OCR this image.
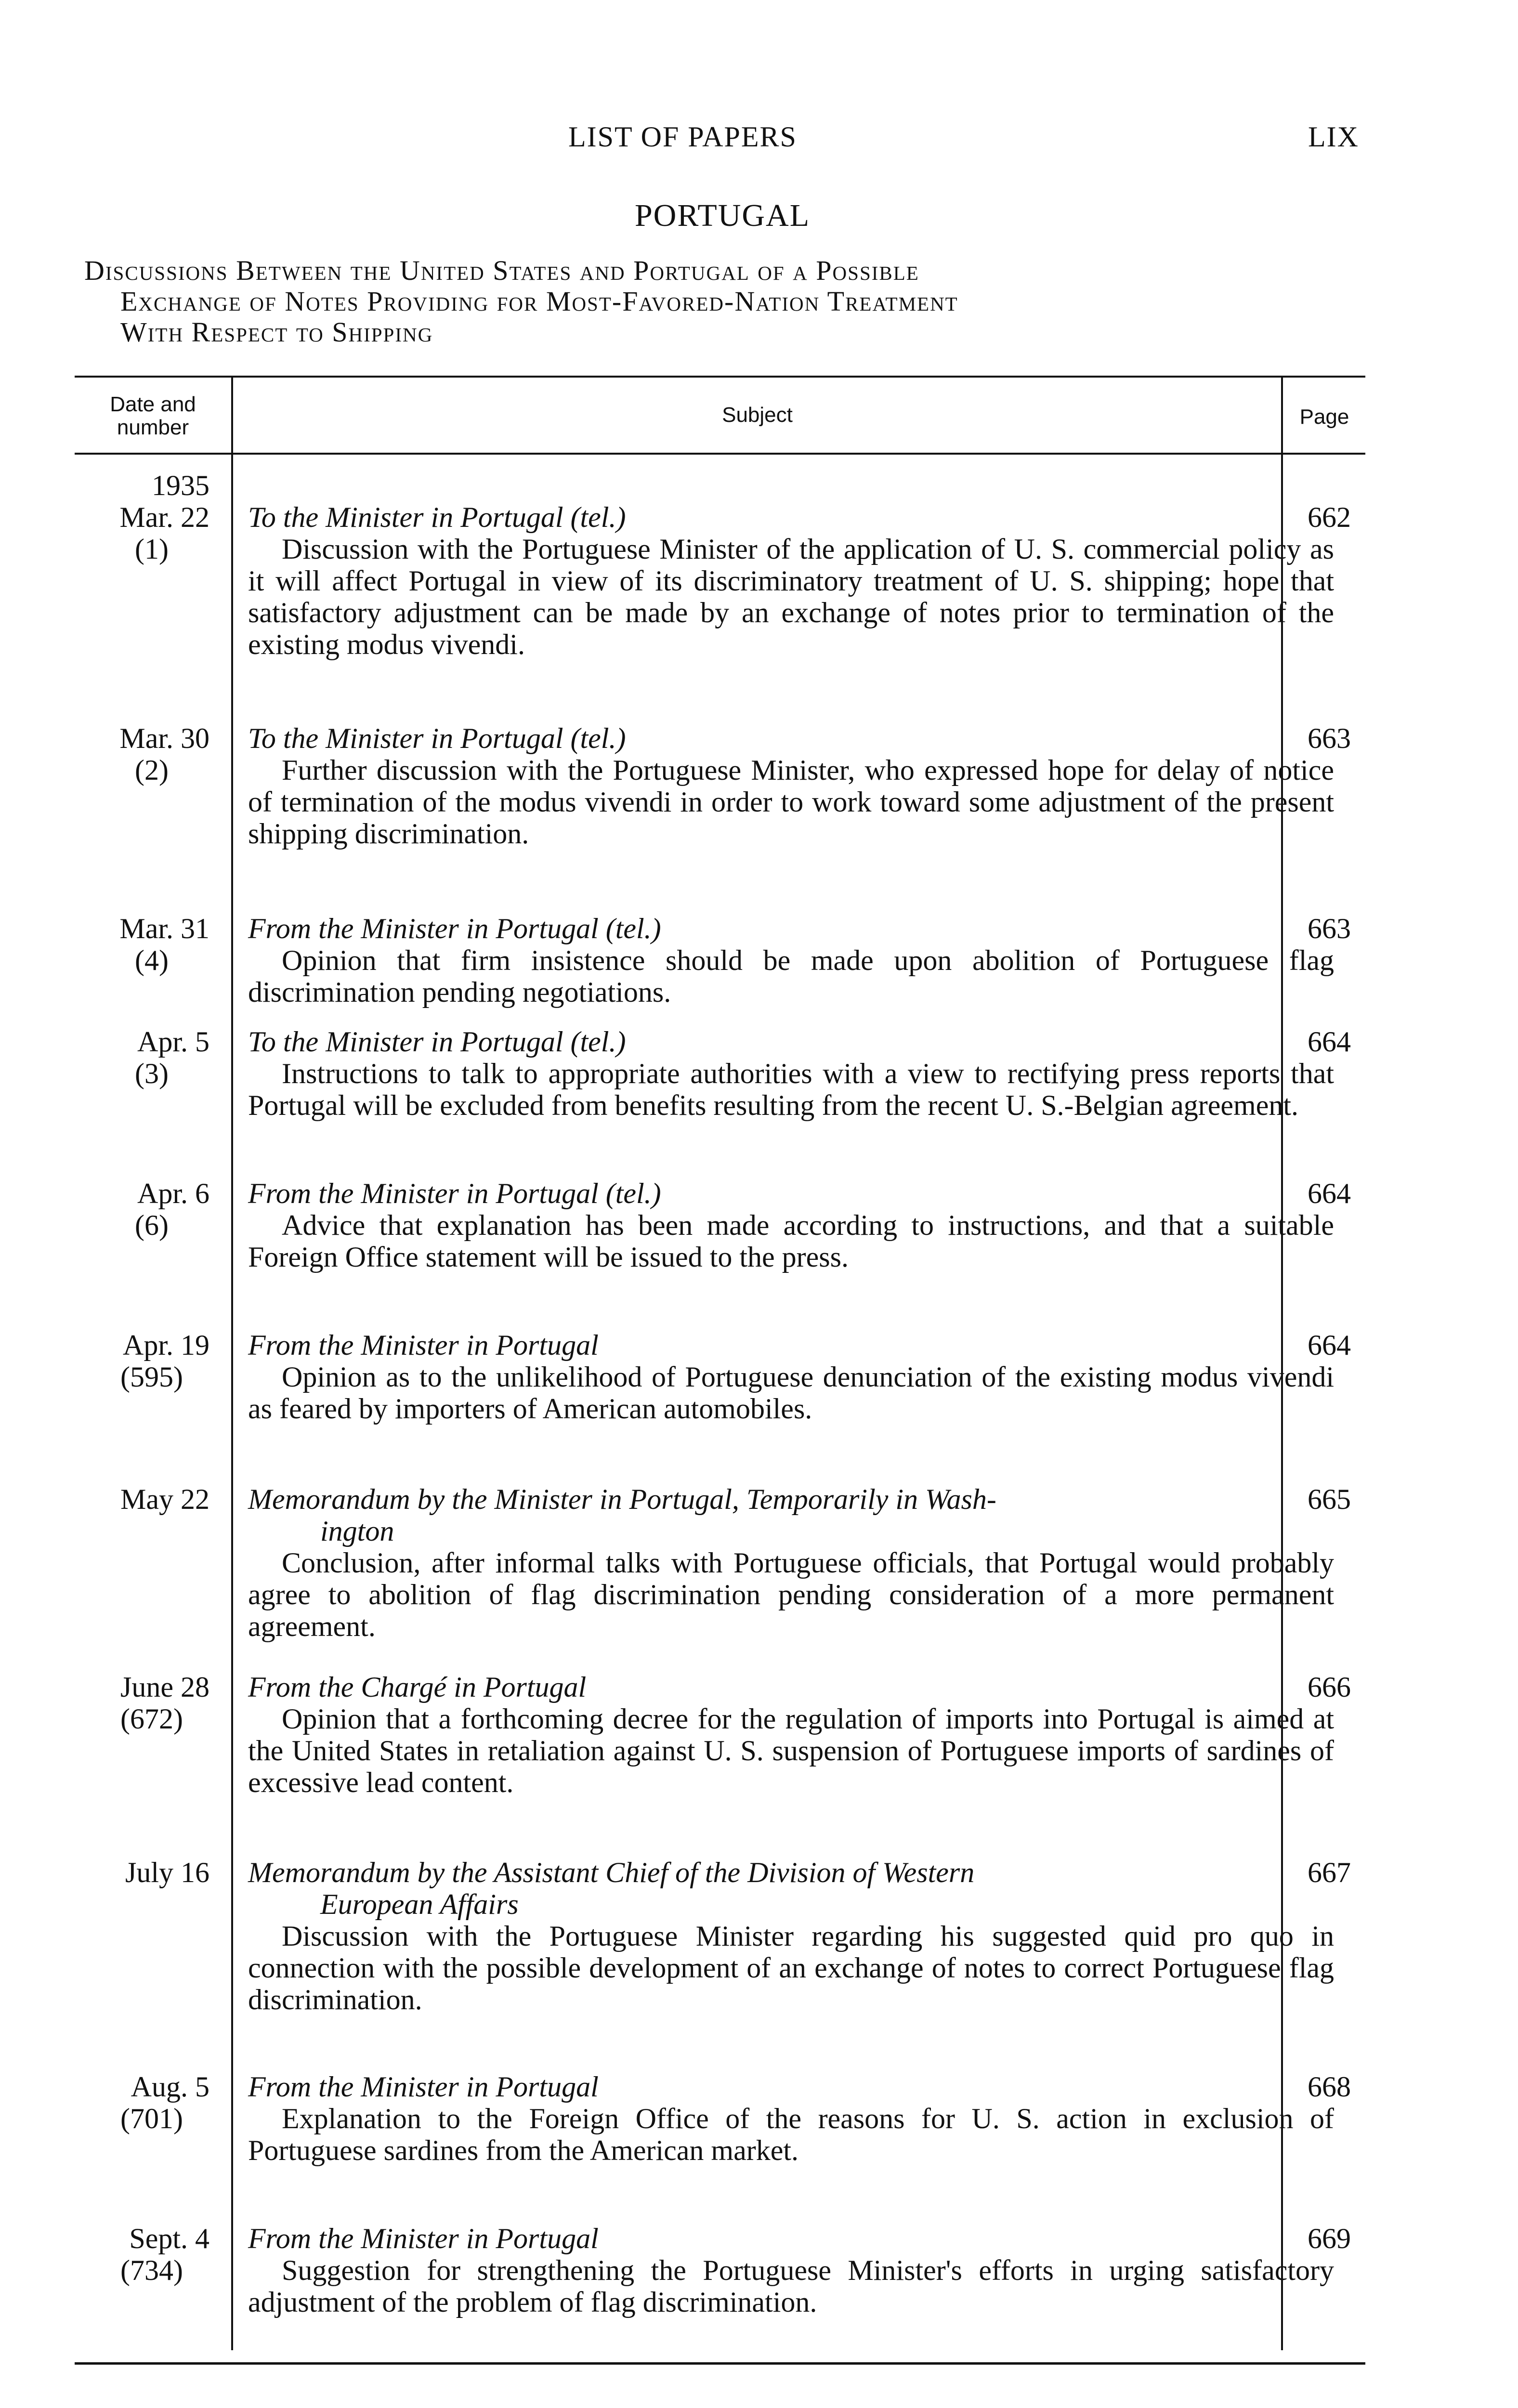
LIST OF PAPERS	LIX
PORTUGAL
Discussions Between the United States and Portugal of a Possible
Exchange of Notes Providing for Most-Favored-Nation Treatment
With Respect to Shipping
Date and number
Subject	Page
1935
Mar. 22
(1)
To the Minister in Portugal (tel.)
Discussion with the Portuguese Minister of the application of U. S. commercial policy as it will affect Portugal in view of its discriminatory treatment of U. S. shipping; hope that satisfactory adjustment can be made by an exchange of notes prior to termination of the existing modus vivendi.
662
Mar. 30
(2)
To the Minister in Portugal (tel.)
Further discussion with the Portuguese Minister, who expressed hope for delay of notice of termination of the modus vivendi in order to work toward some adjustment of the present shipping discrimination.
663
Mar. 31
(4)
From the Minister in Portugal (tel.)
Opinion that firm insistence should be made upon abolition of Portuguese flag discrimination pending negotiations.
663
Apr. 5
(3)
To the Minister in Portugal (tel.)
Instructions to talk to appropriate authorities with a view to rectifying press reports that Portugal will be excluded from benefits resulting from the recent U. S.-Belgian agreement.
664
Apr. 6
(6)
From the Minister in Portugal (tel.)
Advice that explanation has been made according to instructions, and that a suitable Foreign Office statement will be issued to the press.
664
Apr. 19
(595)
From the Minister in Portugal
Opinion as to the unlikelihood of Portuguese denunciation of the existing modus vivendi as feared by importers of American automobiles.
664
May 22 Memorandum by the Minister in Portugal, Temporarily in Wash-
ington
Conclusion, after informal talks with Portuguese officials, that Portugal would probably agree to abolition of flag discrimination pending consideration of a more permanent agreement.
665
June 28
(672)
From the Chargé in Portugal
Opinion that a forthcoming decree for the regulation of imports into Portugal is aimed at the United States in retaliation against U. S. suspension of Portuguese imports of sardines of excessive lead content.
666
July 16 Memorandum by the Assistant Chief of the Division of Western
European Affairs
Discussion with the Portuguese Minister regarding his suggested quid pro quo in connection with the possible development of an exchange of notes to correct Portuguese flag discrimination.
667
Aug. 5
(701)
From the Minister in Portugal
Explanation to the Foreign Office of the reasons for U. S. action in exclusion of Portuguese sardines from the American market.
668
Sept. 4
(734)
From the Minister in Portugal
Suggestion for strengthening the Portuguese Minister's efforts in urging satisfactory adjustment of the problem of flag discrimination.
669
